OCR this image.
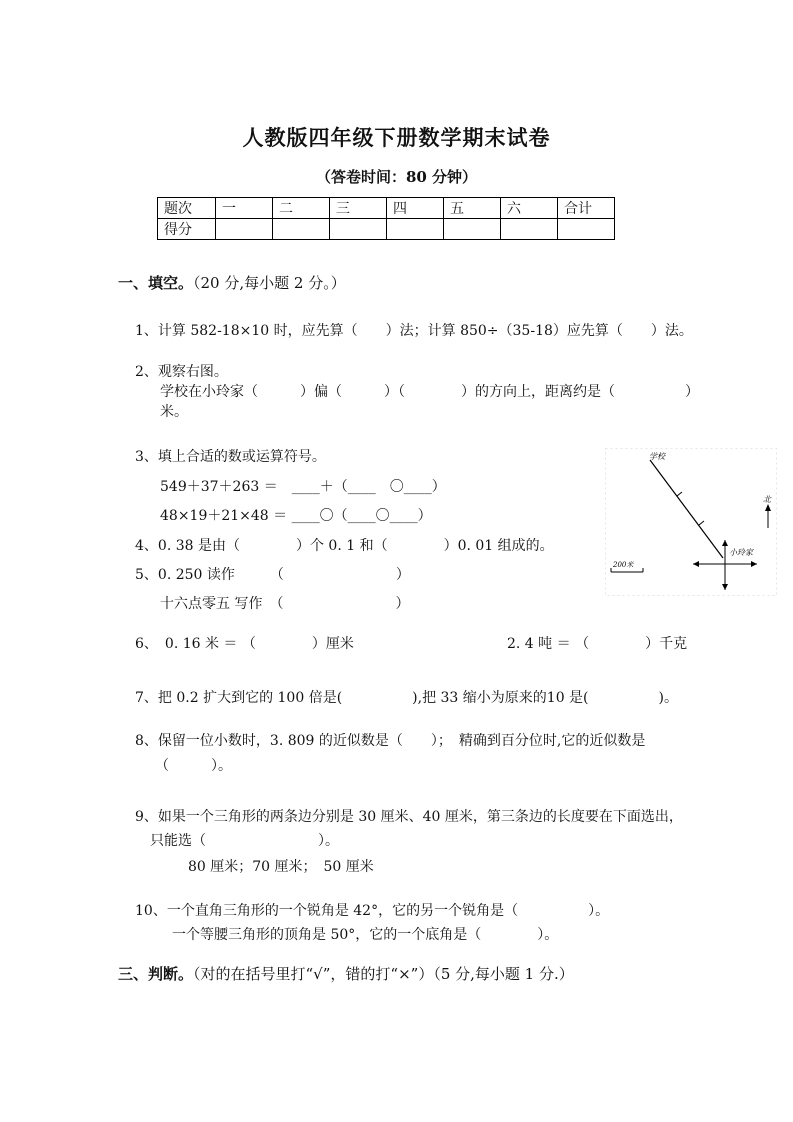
人教版四年级下册数学期末试卷
（答卷时间：80 分钟）
题次	一	二	三	四	五	六	合计
得分							
一、填空。（20 分,每小题 2 分。）
1、计算 582-18×10 时，应先算（　　）法；计算 850÷（35-18）应先算（　　）法。
2、观察右图。
学校在小玲家（　　　）偏（　　　）（　　　　）的方向上，距离约是（　　　　　）
米。
3、填上合适的数或运算符号。
549＋37＋263 ＝　____＋（____　〇____）
48×19＋21×48 ＝ ____〇（____〇____）
4、0. 38 是由（　　　　）个 0. 1 和（　　　　）0. 01 组成的。
5、0. 250 读作　　　（　　　　　　　　）
十六点零五 写作　（　　　　　　　　）
6、　0. 16 米 ＝ （　　　　）厘米	2. 4 吨 ＝ （　　　　）千克
7、把 0.2 扩大到它的 100 倍是(　　　　　),把 33 缩小为原来的10 是(　　　　　)。
8、保留一位小数时，3. 809 的近似数是（　　）；　精确到百分位时,它的近似数是
（　　　）。
9、如果一个三角形的两条边分别是 30 厘米、40 厘米，第三条边的长度要在下面选出，
只能选（　　　　　　　　）。
80 厘米；70 厘米；　50 厘米
10、一个直角三角形的一个锐角是 42°，它的另一个锐角是（　　　　　）。
一个等腰三角形的顶角是 50°，它的一个底角是（　　　　）。
三、判断。（对的在括号里打“√”，错的打“×”）（5 分,每小题 1 分.）
学校
小玲家
北
200米
